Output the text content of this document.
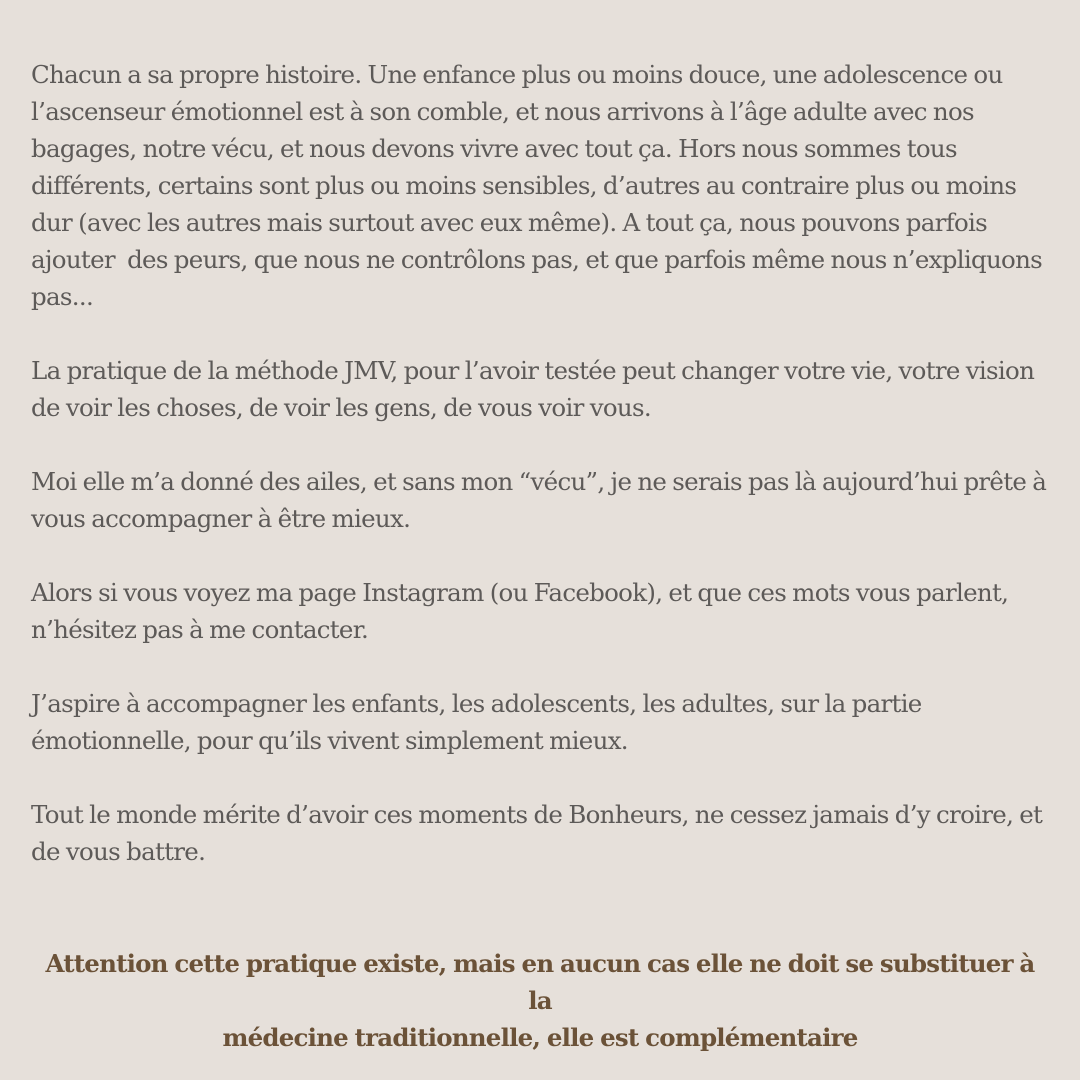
Chacun a sa propre histoire. Une enfance plus ou moins douce, une adolescence ou l’ascenseur émotionnel est à son comble, et nous arrivons à l’âge adulte avec nos bagages, notre vécu, et nous devons vivre avec tout ça. Hors nous sommes tous différents, certains sont plus ou moins sensibles, d’autres au contraire plus ou moins dur (avec les autres mais surtout avec eux même). A tout ça, nous pouvons parfois ajouter  des peurs, que nous ne contrôlons pas, et que parfois même nous n’expliquons pas...

La pratique de la méthode JMV, pour l’avoir testée peut changer votre vie, votre vision de voir les choses, de voir les gens, de vous voir vous.

Moi elle m’a donné des ailes, et sans mon “vécu”, je ne serais pas là aujourd’hui prête à vous accompagner à être mieux.

Alors si vous voyez ma page Instagram (ou Facebook), et que ces mots vous parlent, n’hésitez pas à me contacter.

J’aspire à accompagner les enfants, les adolescents, les adultes, sur la partie émotionnelle, pour qu’ils vivent simplement mieux.

Tout le monde mérite d’avoir ces moments de Bonheurs, ne cessez jamais d’y croire, et de vous battre.

Attention cette pratique existe, mais en aucun cas elle ne doit se substituer à la
médecine traditionnelle, elle est complémentaire
